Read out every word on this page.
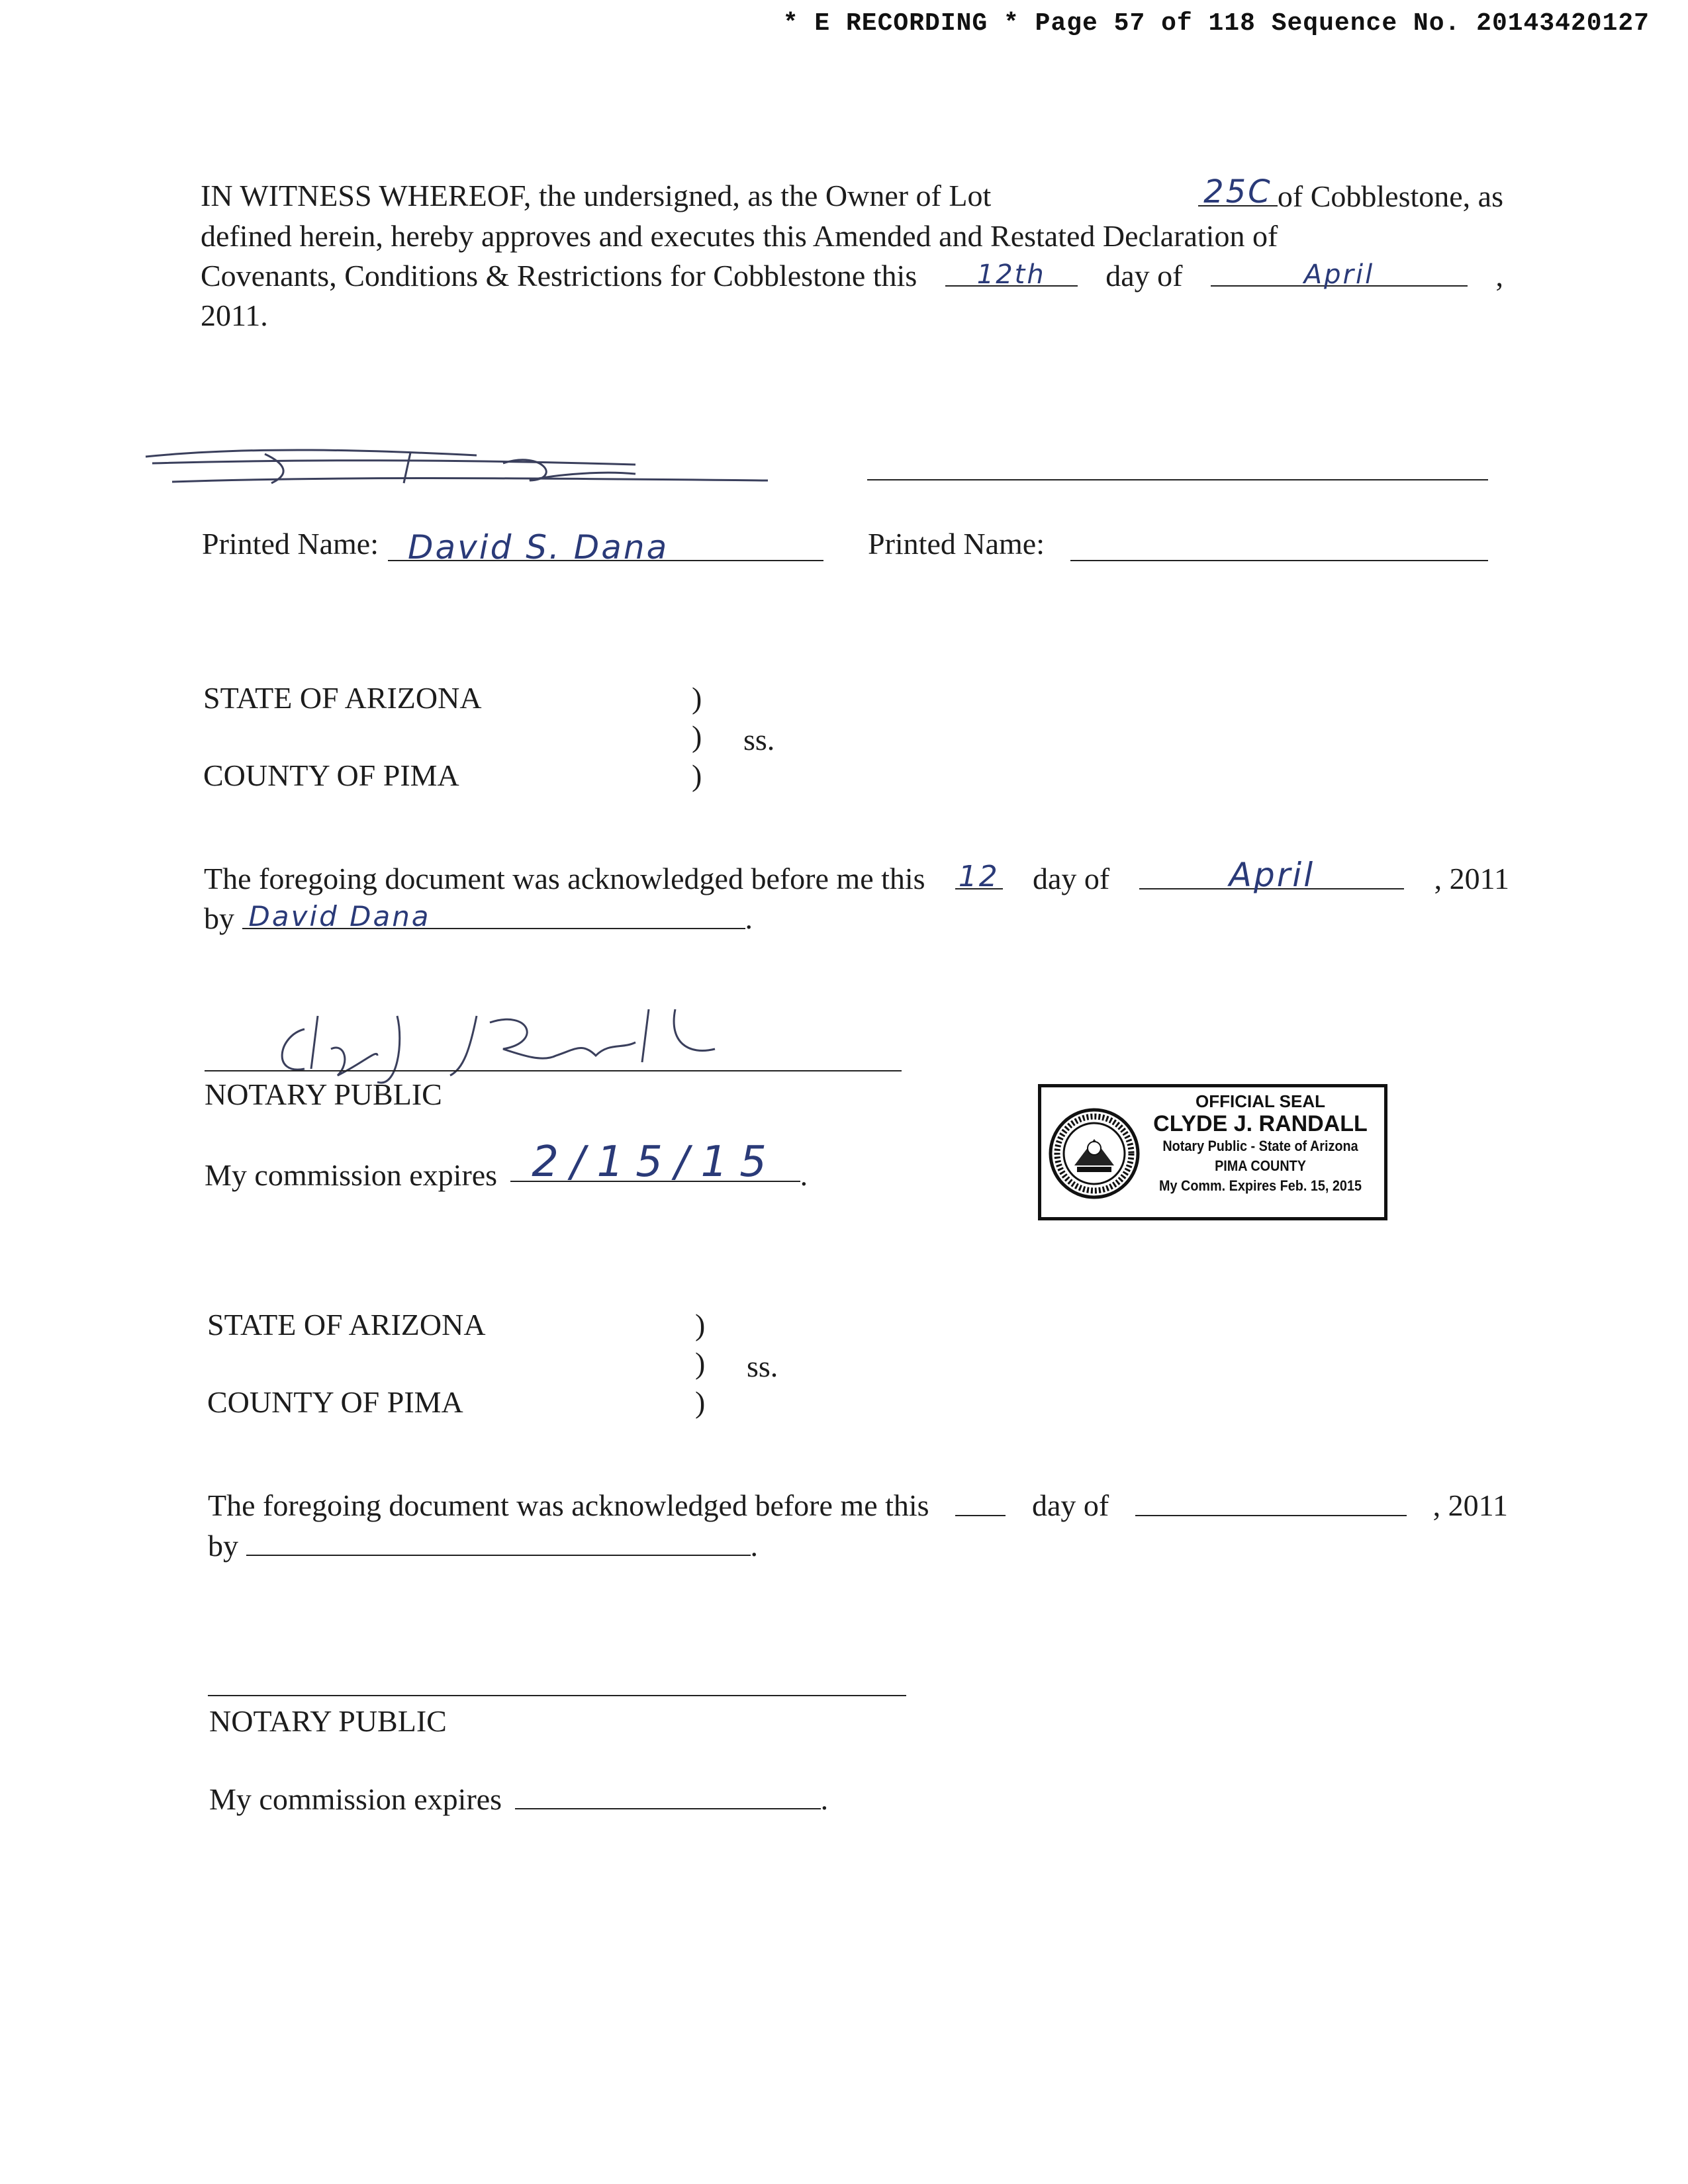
* E RECORDING * Page 57 of 118 Sequence No. 20143420127
IN WITNESS WHEREOF, the undersigned, as the Owner of Lot	25C of Cobblestone, as
defined herein, hereby approves and executes this Amended and Restated Declaration of
Covenants, Conditions & Restrictions for Cobblestone this	12th	day of	April	,
2011.
Printed Name: David S. Dana	Printed Name:
STATE OF ARIZONA	)
) ss.
COUNTY OF PIMA	)
The foregoing document was acknowledged before me this 12 day of	April	, 2011
by David Dana	.
NOTARY PUBLIC
My commission expires 2/15/15 .
OFFICIAL SEAL
CLYDE J. RANDALL
Notary Public - State of Arizona
PIMA COUNTY
My Comm. Expires Feb. 15, 2015
STATE OF ARIZONA	)
) ss.
COUNTY OF PIMA	)
The foregoing document was acknowledged before me this	day of	, 2011
by	.
NOTARY PUBLIC
My commission expires	.
